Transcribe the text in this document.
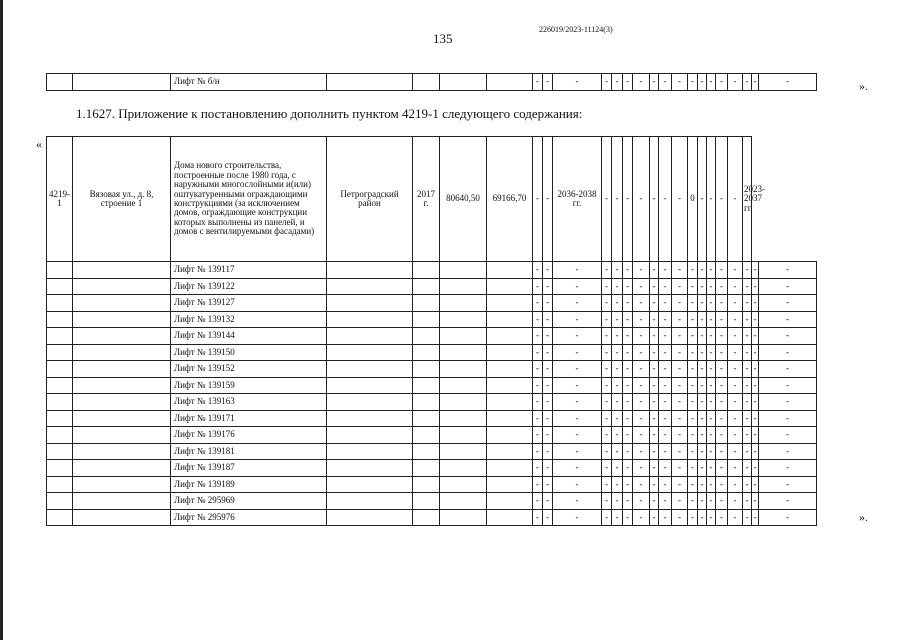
135
226019/2023-11124(3)
		Лифт № б/н					-	-	-	-	-	-	-	-	-	-	-	-	-	-	-	-	-	-		».
1.1627. Приложение к постановлению дополнить пунктом 4219-1 следующего содержания:
«
4219-1	Вязовая ул., д. 8, строение 1	Дома нового строительства, построенные после 1980 года, с наружными многослойными и(или) оштукатуренными ограждающими конструкциями (за исключением домов, ограждающие конструкции которых выполнены из панелей, и домов с вентилируемыми фасадами)	Петроградский район	2017 г.	80640,50	69166,70	-	-	2036-2038 гг.	-	-	-	-	-	-	-	0	-	-	-	-	2023-2037 гг.			
		Лифт № 139117					-	-	-	-	-	-	-	-	-	-	-	-	-	-	-	-	-	-	
		Лифт № 139122					-	-	-	-	-	-	-	-	-	-	-	-	-	-	-	-	-	-	
		Лифт № 139127					-	-	-	-	-	-	-	-	-	-	-	-	-	-	-	-	-	-	
		Лифт № 139132					-	-	-	-	-	-	-	-	-	-	-	-	-	-	-	-	-	-	
		Лифт № 139144					-	-	-	-	-	-	-	-	-	-	-	-	-	-	-	-	-	-	
		Лифт № 139150					-	-	-	-	-	-	-	-	-	-	-	-	-	-	-	-	-	-	
		Лифт № 139152					-	-	-	-	-	-	-	-	-	-	-	-	-	-	-	-	-	-	
		Лифт № 139159					-	-	-	-	-	-	-	-	-	-	-	-	-	-	-	-	-	-	
		Лифт № 139163					-	-	-	-	-	-	-	-	-	-	-	-	-	-	-	-	-	-	
		Лифт № 139171					-	-	-	-	-	-	-	-	-	-	-	-	-	-	-	-	-	-	
		Лифт № 139176					-	-	-	-	-	-	-	-	-	-	-	-	-	-	-	-	-	-	
		Лифт № 139181					-	-	-	-	-	-	-	-	-	-	-	-	-	-	-	-	-	-	
		Лифт № 139187					-	-	-	-	-	-	-	-	-	-	-	-	-	-	-	-	-	-	
		Лифт № 139189					-	-	-	-	-	-	-	-	-	-	-	-	-	-	-	-	-	-	
		Лифт № 295969					-	-	-	-	-	-	-	-	-	-	-	-	-	-	-	-	-	-	
		Лифт № 295976					-	-	-	-	-	-	-	-	-	-	-	-	-	-	-	-	-	-		».
